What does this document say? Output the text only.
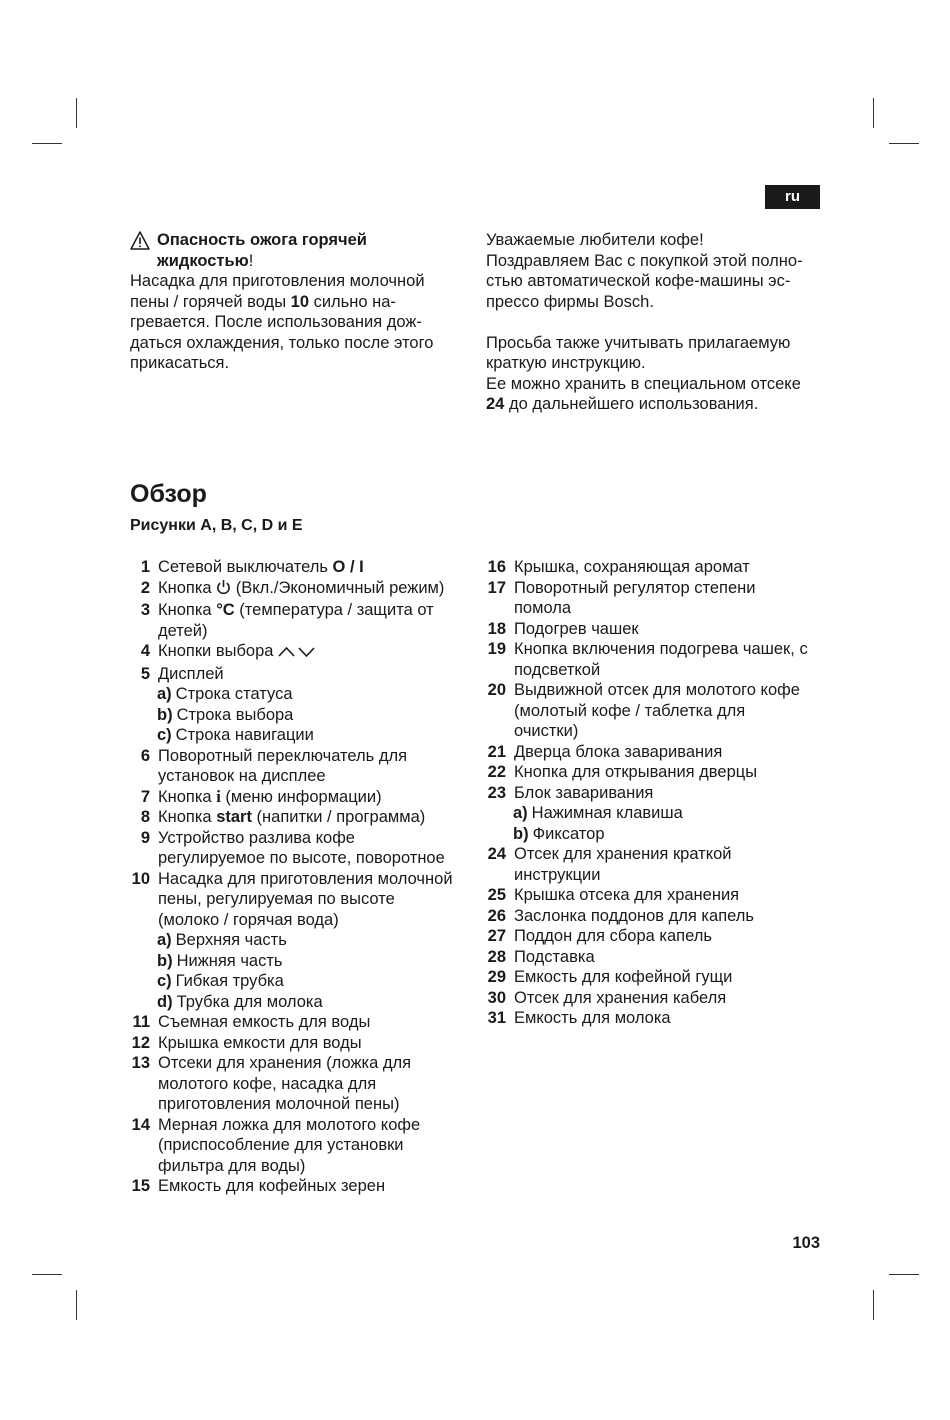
ru
Опасность ожога горячей
жидкостью!
Насадка для приготовления молочной
пены / горячей воды 10 сильно на-
гревается. После использования дож-
даться охлаждения, только после этого
прикасаться.
Уважаемые любители кофе!
Поздравляем Вас с покупкой этой полно-
стью автоматической кофе-машины эс-
прессо фирмы Bosch.
Просьба также учитывать прилагаемую
краткую инструкцию.
Ее можно хранить в специальном отсеке
24 до дальнейшего использования.
Обзор
Рисунки A, B, C, D и E
1 Сетевой выключатель O / I
2 Кнопка  (Вкл./Экономичный режим)
3 Кнопка °C (температура / защита от
детей)
4 Кнопки выбора
5 Дисплей
a) Строка статуса
b) Строка выбора
c) Строка навигации
6 Поворотный переключатель для
установок на дисплее
7 Кнопка i (меню информации)
8 Кнопка start (напитки / программа)
9 Устройство разлива кофе
регулируемое по высоте, поворотное
10 Насадка для приготовления молочной
пены, регулируемая по высоте
(молоко / горячая вода)
a) Верхняя часть
b) Нижняя часть
c) Гибкая трубка
d) Трубка для молока
11 Съемная емкость для воды
12 Крышка емкости для воды
13 Отсеки для хранения (ложка для
молотого кофе, насадка для
приготовления молочной пены)
14 Мерная ложка для молотого кофе
(приспособление для установки
фильтра для воды)
15 Емкость для кофейных зерен
16 Крышка, сохраняющая аромат
17 Поворотный регулятор степени
помола
18 Подогрев чашек
19 Кнопка включения подогрева чашек, с
подсветкой
20 Выдвижной отсек для молотого кофе
(молотый кофе / таблетка для
очистки)
21 Дверца блока заваривания
22 Кнопка для открывания дверцы
23 Блок заваривания
a) Нажимная клавиша
b) Фиксатор
24 Отсек для хранения краткой
инструкции
25 Крышка отсека для хранения
26 Заслонка поддонов для капель
27 Поддон для сбора капель
28 Подставка
29 Емкость для кофейной гущи
30 Отсек для хранения кабеля
31 Емкость для молока
103
